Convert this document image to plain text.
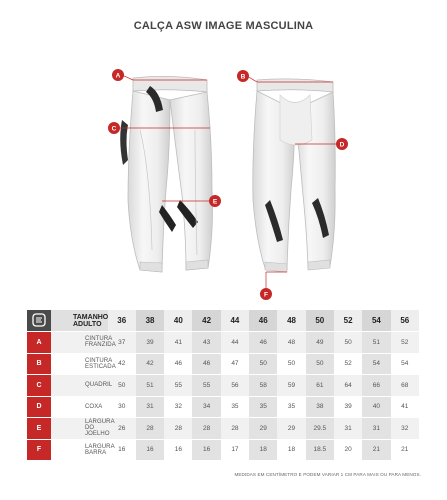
CALÇA ASW IMAGE MASCULINA
A	B
C
D
E
F
	TAMANHO ADULTO	36	38	40	42	44	46	48	50	52	54	56
A	CINTURA FRANZIDA	37	39	41	43	44	46	48	49	50	51	52
B	CINTURA ESTICADA	42	42	46	46	47	50	50	50	52	54	54
C	QUADRIL	50	51	55	55	56	58	59	61	64	66	68
D	COXA	30	31	32	34	35	35	35	38	39	40	41
E	LARGURA DO JOELHO	26	28	28	28	28	29	29	29.5	31	31	32
F	LARGURA BARRA	16	16	16	16	17	18	18	18.5	20	21	21
MEDIDAS EM CENTÍMETRO E PODEM VARIAR 1 CM PARA MAIS OU PARA MENOS.
